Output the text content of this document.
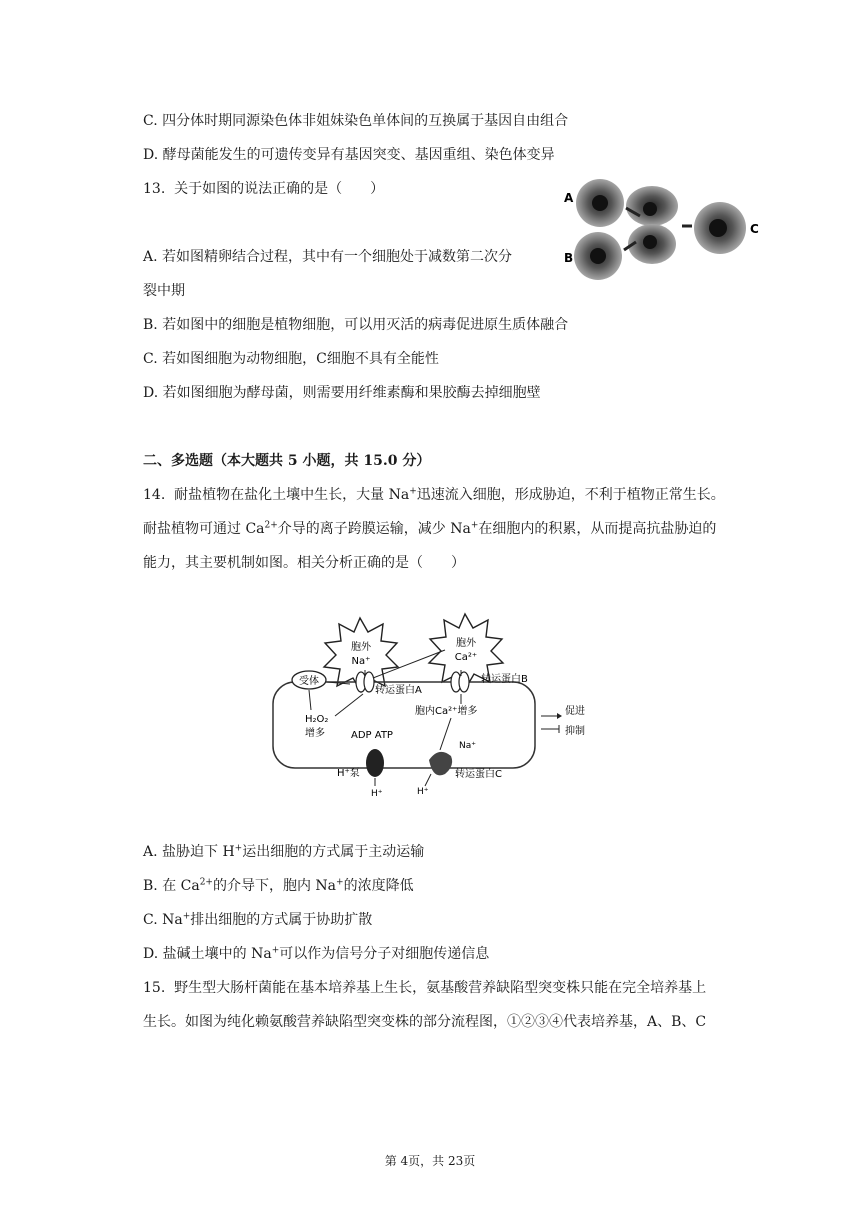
C. 四分体时期同源染色体非姐妹染色单体间的互换属于基因自由组合
D. 酵母菌能发生的可遗传变异有基因突变、基因重组、染色体变异
13.  关于如图的说法正确的是（　　）
A
B
C
A. 若如图精卵结合过程，其中有一个细胞处于减数第二次分
裂中期
B. 若如图中的细胞是植物细胞，可以用灭活的病毒促进原生质体融合
C. 若如图细胞为动物细胞，C细胞不具有全能性
D. 若如图细胞为酵母菌，则需要用纤维素酶和果胶酶去掉细胞壁
二、多选题（本大题共 5 小题，共 15.0 分）
14.  耐盐植物在盐化土壤中生长，大量 Na+迅速流入细胞，形成胁迫，不利于植物正常生长。
耐盐植物可通过 $Ca^{2+}$介导的离子跨膜运输，减少 Na+在细胞内的积累，从而提高抗盐胁迫的
能力，其主要机制如图。相关分析正确的是（　　）
胞外
Na⁺
胞外
Ca²⁺
受体
转运蛋白A
转运蛋白B
H₂O₂
增多
胞内Ca²⁺增多	促进
抑制
ADP ATP
H⁺泵
H⁺
Na⁺
转运蛋白C
H⁺
A. 盐胁迫下 H+运出细胞的方式属于主动运输
B. 在 $Ca^{2+}$的介导下，胞内 Na+的浓度降低
C. Na+排出细胞的方式属于协助扩散
D. 盐碱土壤中的 Na+可以作为信号分子对细胞传递信息
15.  野生型大肠杆菌能在基本培养基上生长，氨基酸营养缺陷型突变株只能在完全培养基上
生长。如图为纯化赖氨酸营养缺陷型突变株的部分流程图，①②③④代表培养基，A、B、C
第 4页，共 23页
